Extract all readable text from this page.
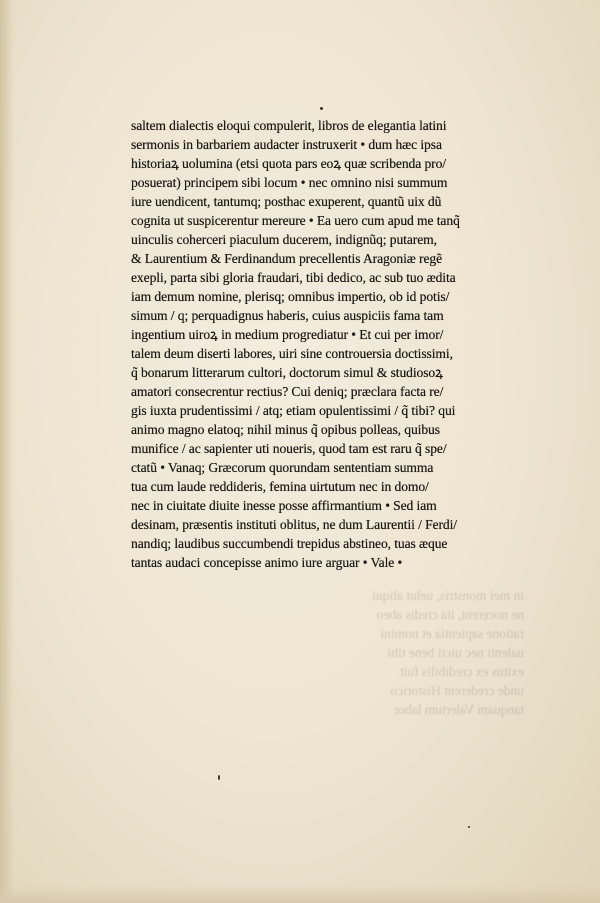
saltem dialectis eloqui compulerit, libros de elegantia latini
sermonis in barbariem audacter instruxerit • dum hæc ipsa
historiaꝝ uolumina (etsi quota pars eoꝝ quæ scribenda pro/
posuerat) principem sibi locum • nec omnino nisi summum
iure uendicent, tantumq; posthac exuperent, quantũ uix dũ
cognita ut suspicerentur mereure • Ea uero cum apud me tanq̃
uinculis coherceri piaculum ducerem, indignũq; putarem,
& Laurentium & Ferdinandum precellentis Aragoniæ regẽ
exepli, parta sibi gloria fraudari, tibi dedico, ac sub tuo ædita
iam demum nomine, plerisq; omnibus impertio, ob id potis/
simum / q; perquadignus haberis, cuius auspiciis fama tam
ingentium uiroꝝ in medium progrediatur • Et cui per imor/
talem deum diserti labores, uiri sine controuersia doctissimi,
q̃ bonarum litterarum cultori, doctorum simul & studiosoꝝ
amatori consecrentur rectius? Cui deniq; præclara facta re/
gis iuxta prudentissimi / atq; etiam opulentissimi / q̃ tibi? qui
animo magno elatoq; nihil minus q̃ opibus polleas, quibus
munifice / ac sapienter uti noueris, quod tam est raru q̃ spe/
ctatũ • Vanaq; Græcorum quorundam sententiam summa
tua cum laude reddideris, femina uirtutum nec in domo/
nec in ciuitate diuite inesse posse affirmantium • Sed iam
desinam, præsentis instituti oblitus, ne dum Laurentii / Ferdi/
nandiq; laudibus succumbendi trepidus abstineo, tuas æque
tantas audaci concepisse animo iure arguar • Vale •
in mei monstris, uelut aliqui
ne nocerent, ita credis abeo
ratione sapientia et nomini
ualenti nec uicti bene tibi
exitus ex credibilis fuit
unde crederent Historico
tanquam Valerium labor
